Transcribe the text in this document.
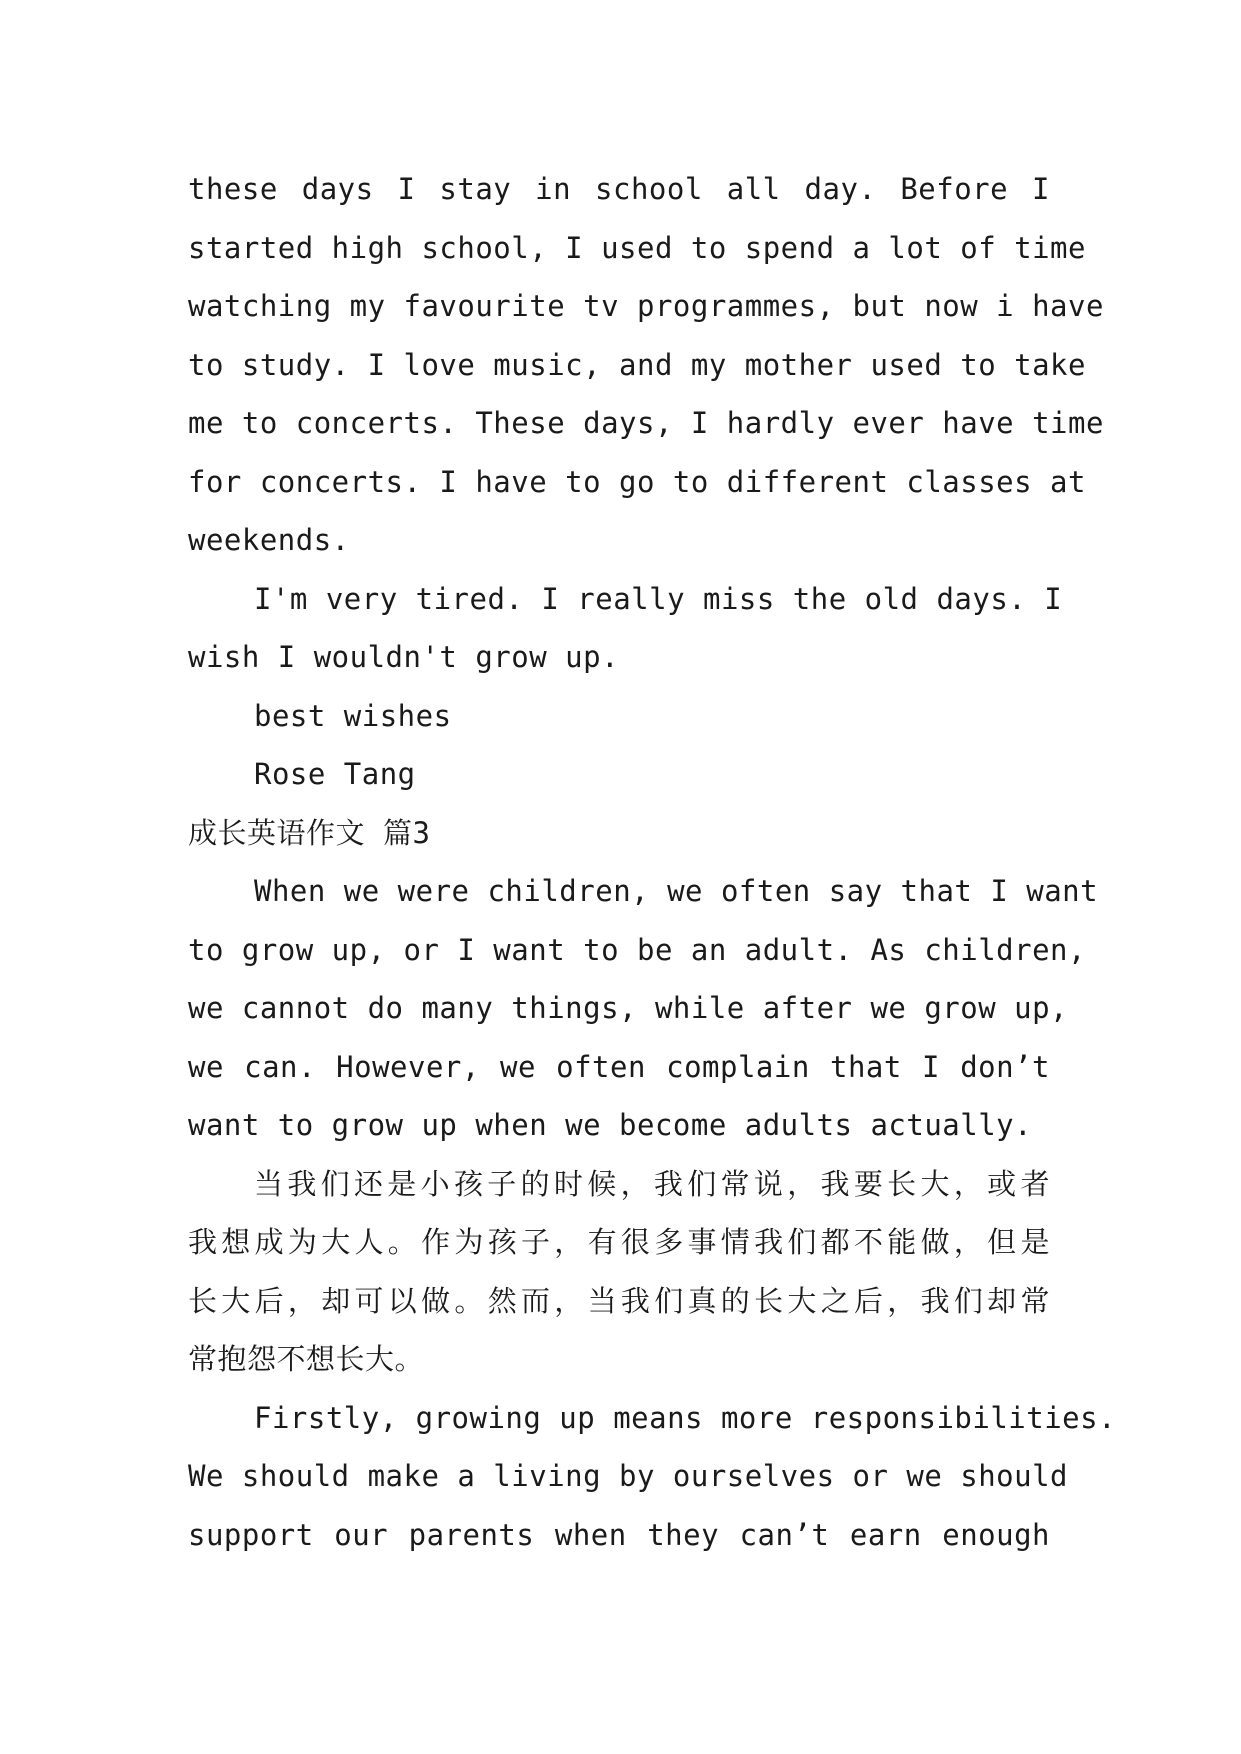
these days I stay in school all day. Before I
started high school, I used to spend a lot of time
watching my favourite tv programmes, but now i have
to study. I love music, and my mother used to take
me to concerts. These days, I hardly ever have time
for concerts. I have to go to different classes at
weekends.
I'm very tired. I really miss the old days. I
wish I wouldn't grow up.
best wishes
Rose Tang
成长英语作文 篇3
When we were children, we often say that I want
to grow up, or I want to be an adult. As children,
we cannot do many things, while after we grow up,
we can. However, we often complain that I don’t
want to grow up when we become adults actually.
当我们还是小孩子的时候，我们常说，我要长大，或者
我想成为大人。作为孩子，有很多事情我们都不能做，但是
长大后，却可以做。然而，当我们真的长大之后，我们却常
常抱怨不想长大。
Firstly, growing up means more responsibilities.
We should make a living by ourselves or we should
support our parents when they can’t earn enough
